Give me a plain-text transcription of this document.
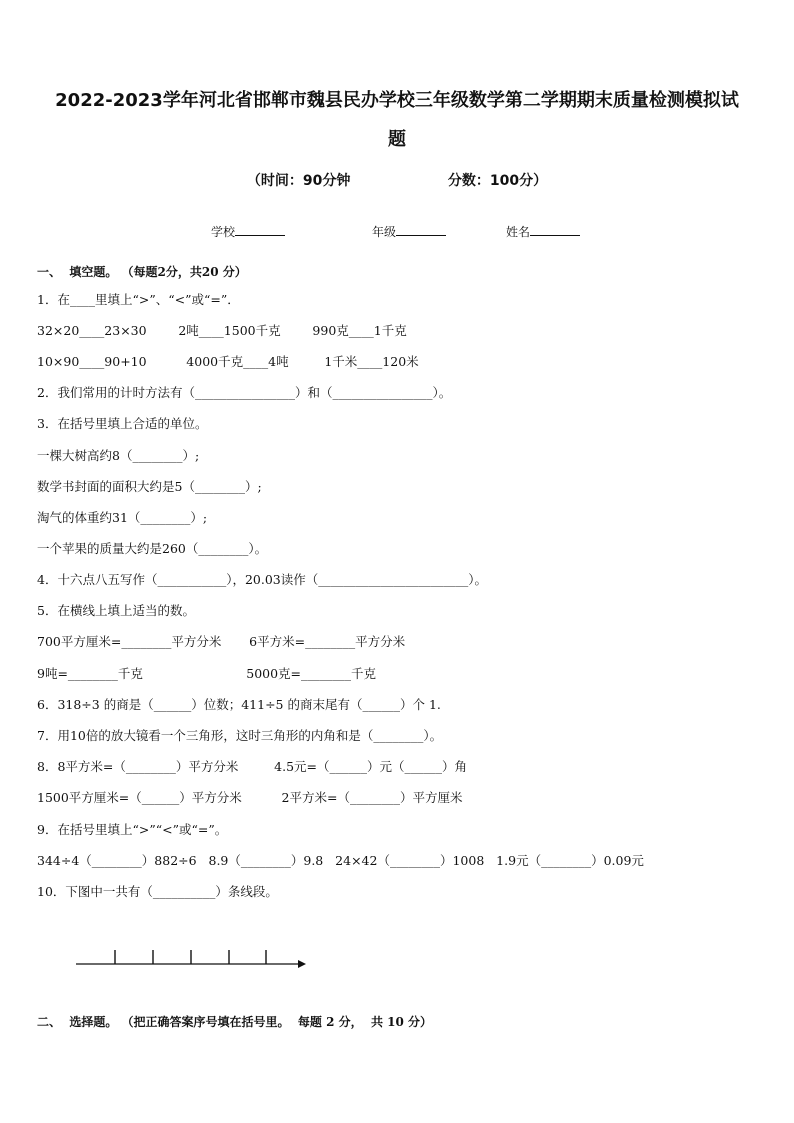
2022-2023学年河北省邯郸市魏县民办学校三年级数学第二学期期末质量检测模拟试
题
（时间：90分钟                    分数：100分）
学校	年级	姓名
一、  填空题。 （每题2分，共20 分）
1．在____里填上“>”、“<”或“=”．
32×20____23×30        2吨____1500千克        990克____1千克
10×90____90+10          4000千克____4吨         1千米____120米
2．我们常用的计时方法有（________________）和（________________）。
3．在括号里填上合适的单位。
一棵大树高约8（________）;
数学书封面的面积大约是5（________）;
淘气的体重约31（________）;
一个苹果的质量大约是260（________）。
4．十六点八五写作（___________），20.03读作（________________________）。
5．在横线上填上适当的数。
700平方厘米=________平方分米       6平方米=________平方分米
9吨=________千克                          5000克=________千克
6．318÷3 的商是（______）位数；411÷5 的商末尾有（______）个 1.
7．用10倍的放大镜看一个三角形，这时三角形的内角和是（________）。
8．8平方米=（________）平方分米         4.5元=（______）元（______）角
1500平方厘米=（______）平方分米          2平方米=（________）平方厘米
9．在括号里填上“>”“<”或“=”。
344÷4（________）882÷6   8.9（________）9.8   24×42（________）1008   1.9元（________）0.09元
10．下图中一共有（__________）条线段。
二、  选择题。 （把正确答案序号填在括号里。  每题 2 分，  共 10 分）
